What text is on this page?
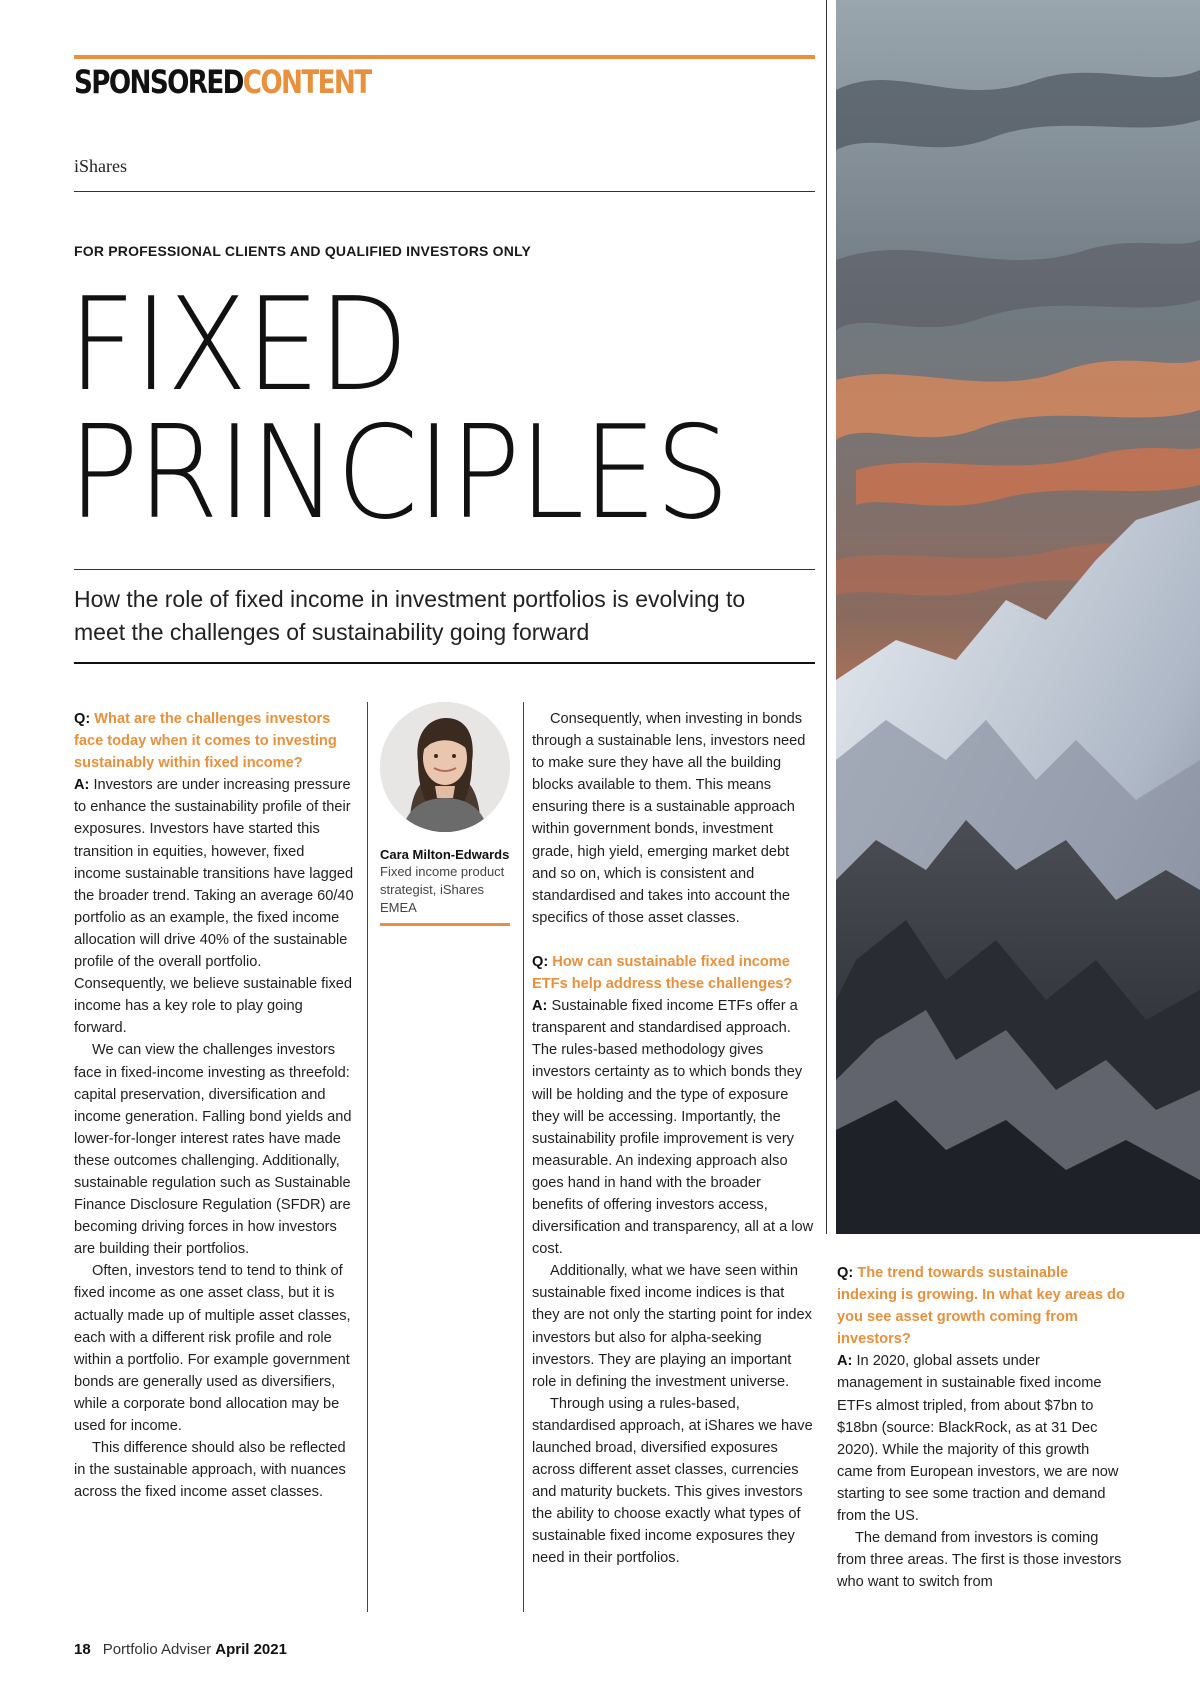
SPONSOREDCONTENT
iShares
FOR PROFESSIONAL CLIENTS AND QUALIFIED INVESTORS ONLY
FIXED
PRINCIPLES
How the role of fixed income in investment portfolios is evolving to meet the challenges of sustainability going forward

Q: What are the challenges investors face today when it comes to investing sustainably within fixed income?

A: Investors are under increasing pressure to enhance the sustainability profile of their exposures. Investors have started this transition in equities, however, fixed income sustainable transitions have lagged the broader trend. Taking an average 60/40 portfolio as an example, the fixed income allocation will drive 40% of the sustainable profile of the overall portfolio. Consequently, we believe sustainable fixed income has a key role to play going forward.

We can view the challenges investors face in fixed-income investing as threefold: capital preservation, diversification and income generation. Falling bond yields and lower-for-longer interest rates have made these outcomes challenging. Additionally, sustainable regulation such as Sustainable Finance Disclosure Regulation (SFDR) are becoming driving forces in how investors are building their portfolios.

Often, investors tend to tend to think of fixed income as one asset class, but it is actually made up of multiple asset classes, each with a different risk profile and role within a portfolio. For example government bonds are generally used as diversifiers, while a corporate bond allocation may be used for income.

This difference should also be reflected in the sustainable approach, with nuances across the fixed income asset classes.

Cara Milton-Edwards
Fixed income product strategist, iShares EMEA

Consequently, when investing in bonds through a sustainable lens, investors need to make sure they have all the building blocks available to them. This means ensuring there is a sustainable approach within government bonds, investment grade, high yield, emerging market debt and so on, which is consistent and standardised and takes into account the specifics of those asset classes.

Q: How can sustainable fixed income ETFs help address these challenges?

A: Sustainable fixed income ETFs offer a transparent and standardised approach. The rules-based methodology gives investors certainty as to which bonds they will be holding and the type of exposure they will be accessing. Importantly, the sustainability profile improvement is very measurable. An indexing approach also goes hand in hand with the broader benefits of offering investors access, diversification and transparency, all at a low cost.

Additionally, what we have seen within sustainable fixed income indices is that they are not only the starting point for index investors but also for alpha-seeking investors. They are playing an important role in defining the investment universe.

Through using a rules-based, standardised approach, at iShares we have launched broad, diversified exposures across different asset classes, currencies and maturity buckets. This gives investors the ability to choose exactly what types of sustainable fixed income exposures they need in their portfolios.

Q: The trend towards sustainable indexing is growing. In what key areas do you see asset growth coming from investors?

A: In 2020, global assets under management in sustainable fixed income ETFs almost tripled, from about $7bn to $18bn (source: BlackRock, as at 31 Dec 2020). While the majority of this growth came from European investors, we are now starting to see some traction and demand from the US.

The demand from investors is coming from three areas. The first is those investors who want to switch from

18 Portfolio Adviser April 2021
